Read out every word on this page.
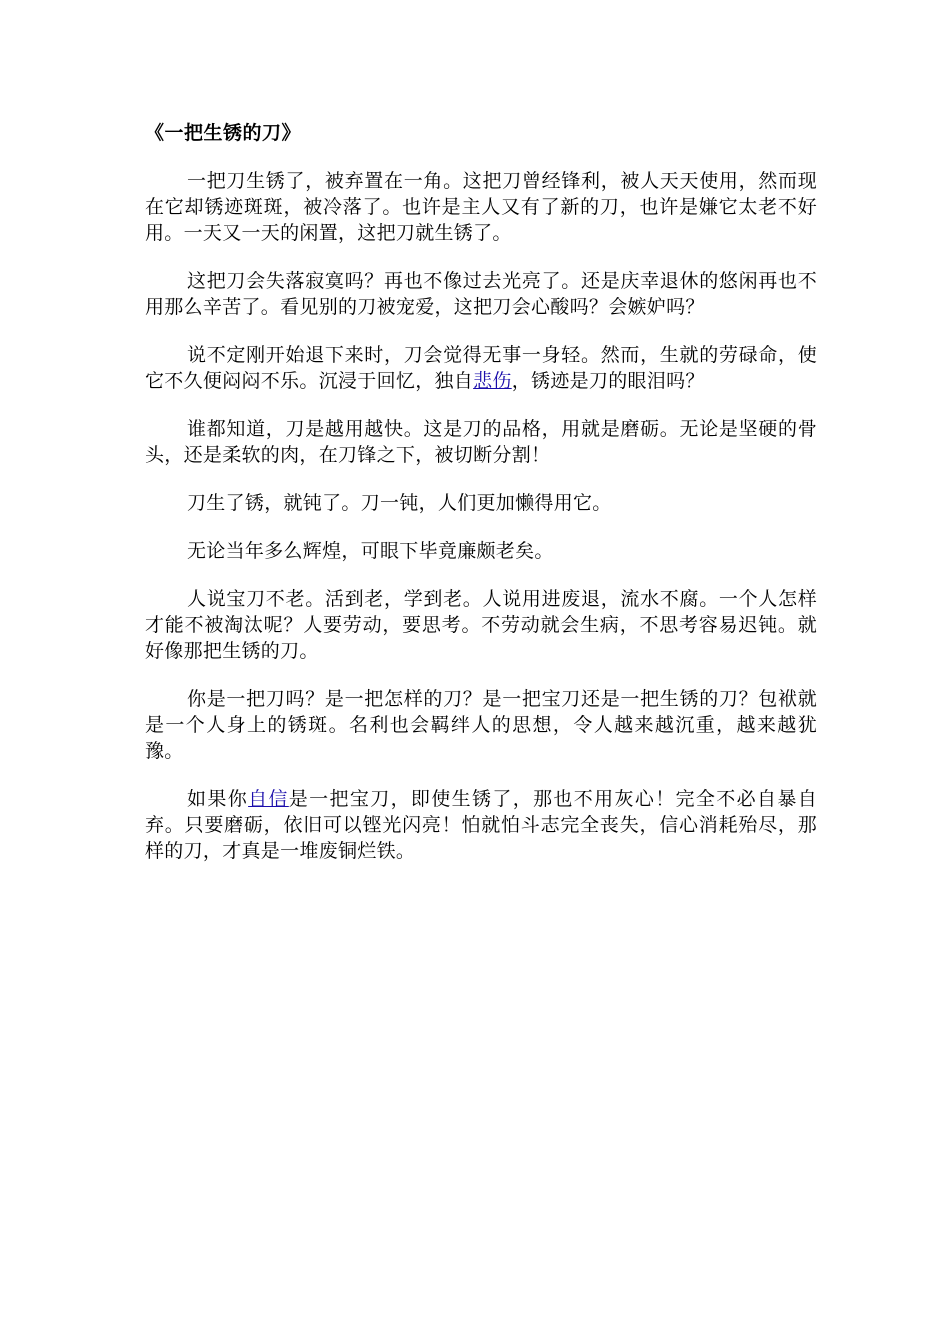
《一把生锈的刀》

一把刀生锈了，被弃置在一角。这把刀曾经锋利，被人天天使用，然而现在它却锈迹斑斑，被冷落了。也许是主人又有了新的刀，也许是嫌它太老不好用。一天又一天的闲置，这把刀就生锈了。

这把刀会失落寂寞吗？再也不像过去光亮了。还是庆幸退休的悠闲再也不用那么辛苦了。看见别的刀被宠爱，这把刀会心酸吗？会嫉妒吗？

说不定刚开始退下来时，刀会觉得无事一身轻。然而，生就的劳碌命，使它不久便闷闷不乐。沉浸于回忆，独自悲伤，锈迹是刀的眼泪吗？

谁都知道，刀是越用越快。这是刀的品格，用就是磨砺。无论是坚硬的骨头，还是柔软的肉，在刀锋之下，被切断分割！

刀生了锈，就钝了。刀一钝，人们更加懒得用它。

无论当年多么辉煌，可眼下毕竟廉颇老矣。

人说宝刀不老。活到老，学到老。人说用进废退，流水不腐。一个人怎样才能不被淘汰呢？人要劳动，要思考。不劳动就会生病，不思考容易迟钝。就好像那把生锈的刀。

你是一把刀吗？是一把怎样的刀？是一把宝刀还是一把生锈的刀？包袱就是一个人身上的锈斑。名利也会羁绊人的思想，令人越来越沉重，越来越犹豫。

如果你自信是一把宝刀，即使生锈了，那也不用灰心！完全不必自暴自弃。只要磨砺，依旧可以铿光闪亮！怕就怕斗志完全丧失，信心消耗殆尽，那样的刀，才真是一堆废铜烂铁。
